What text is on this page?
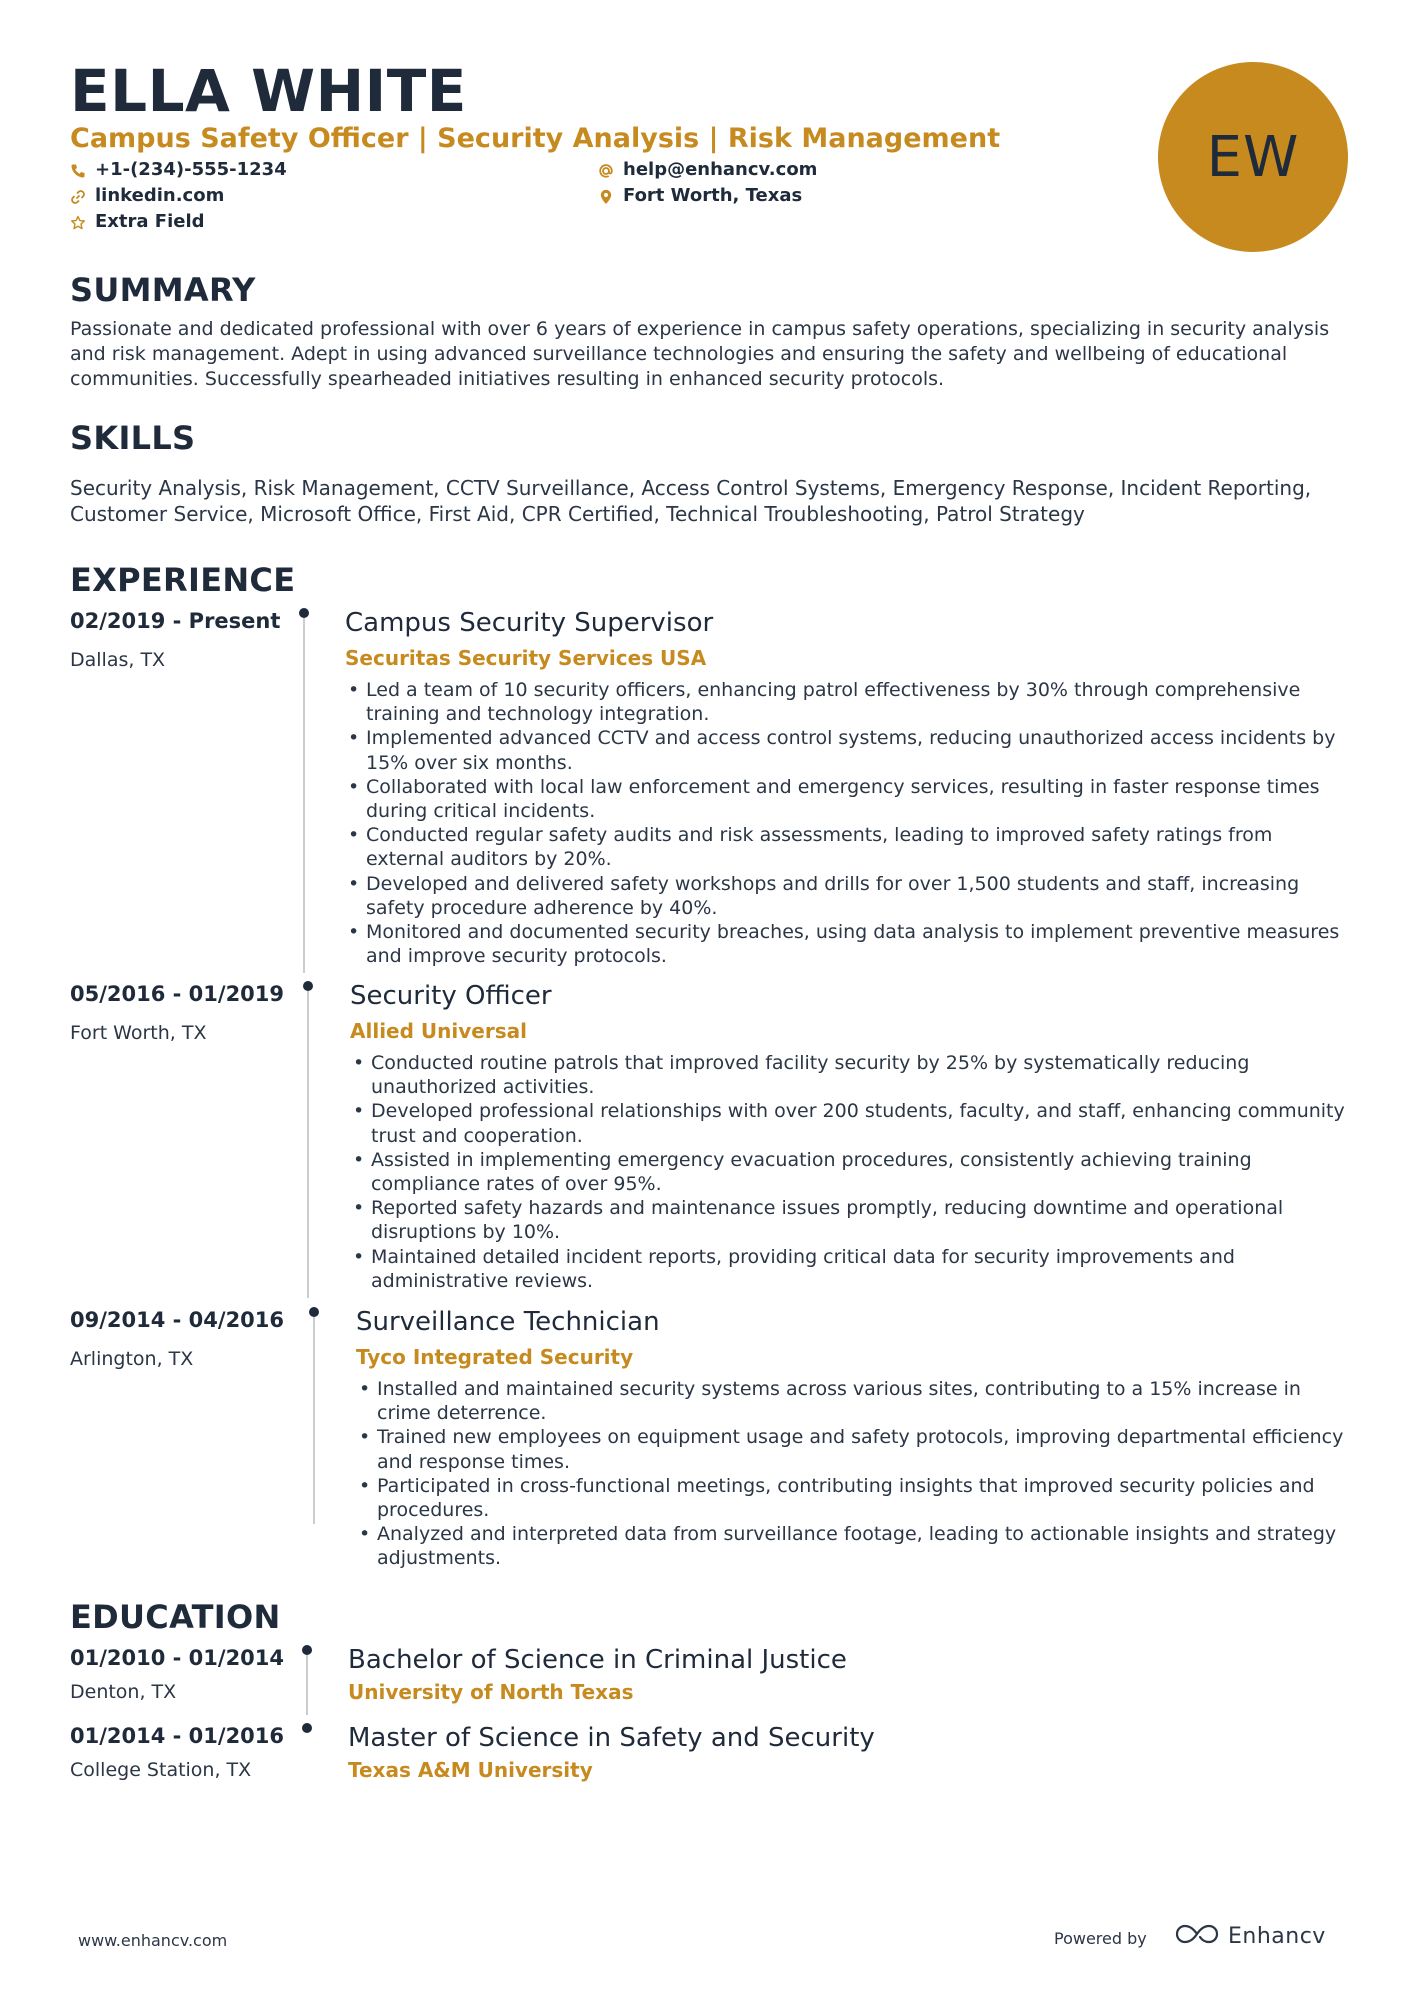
ELLA WHITE
Campus Safety Officer | Security Analysis | Risk Management
+1-(234)-555-1234	help@enhancv.com
linkedin.com	Fort Worth, Texas
Extra Field
EW
SUMMARY
Passionate and dedicated professional with over 6 years of experience in campus safety operations, specializing in security analysis and risk management. Adept in using advanced surveillance technologies and ensuring the safety and wellbeing of educational communities. Successfully spearheaded initiatives resulting in enhanced security protocols.
SKILLS
Security Analysis, Risk Management, CCTV Surveillance, Access Control Systems, Emergency Response, Incident Reporting, Customer Service, Microsoft Office, First Aid, CPR Certified, Technical Troubleshooting, Patrol Strategy
EXPERIENCE
02/2019 - Present
Dallas, TX
Campus Security Supervisor
Securitas Security Services USA
• Led a team of 10 security officers, enhancing patrol effectiveness by 30% through comprehensive training and technology integration.
• Implemented advanced CCTV and access control systems, reducing unauthorized access incidents by 15% over six months.
• Collaborated with local law enforcement and emergency services, resulting in faster response times during critical incidents.
• Conducted regular safety audits and risk assessments, leading to improved safety ratings from external auditors by 20%.
• Developed and delivered safety workshops and drills for over 1,500 students and staff, increasing safety procedure adherence by 40%.
• Monitored and documented security breaches, using data analysis to implement preventive measures and improve security protocols.
05/2016 - 01/2019
Fort Worth, TX
Security Officer
Allied Universal
• Conducted routine patrols that improved facility security by 25% by systematically reducing unauthorized activities.
• Developed professional relationships with over 200 students, faculty, and staff, enhancing community trust and cooperation.
• Assisted in implementing emergency evacuation procedures, consistently achieving training compliance rates of over 95%.
• Reported safety hazards and maintenance issues promptly, reducing downtime and operational disruptions by 10%.
• Maintained detailed incident reports, providing critical data for security improvements and administrative reviews.
09/2014 - 04/2016
Arlington, TX
Surveillance Technician
Tyco Integrated Security
• Installed and maintained security systems across various sites, contributing to a 15% increase in crime deterrence.
• Trained new employees on equipment usage and safety protocols, improving departmental efficiency and response times.
• Participated in cross-functional meetings, contributing insights that improved security policies and procedures.
• Analyzed and interpreted data from surveillance footage, leading to actionable insights and strategy adjustments.
EDUCATION
01/2010 - 01/2014
Denton, TX
Bachelor of Science in Criminal Justice
University of North Texas
01/2014 - 01/2016
College Station, TX
Master of Science in Safety and Security
Texas A&M University
www.enhancv.com	Powered by	Enhancv
